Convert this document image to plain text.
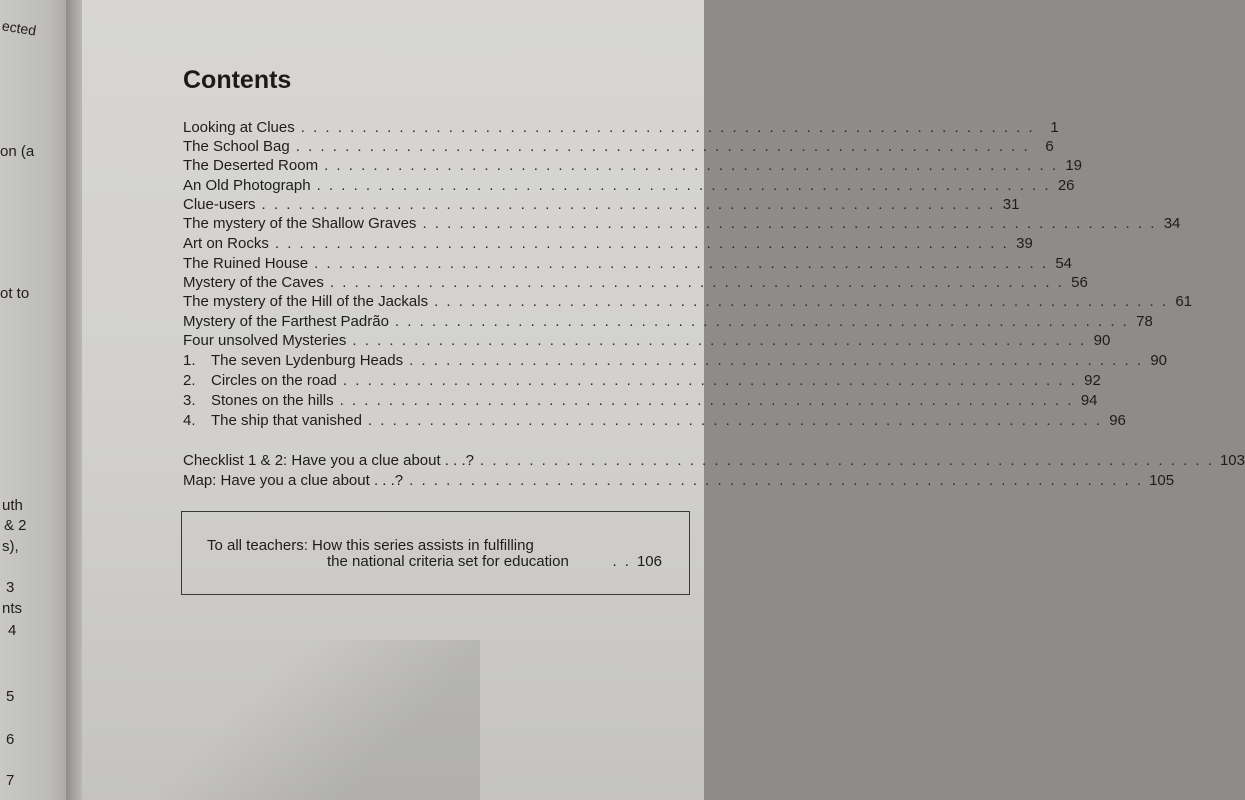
ected
on (a
ot to
uth
& 2
s),
3
nts
4
5
6
7
Contents
Looking at Clues . . . . . . . . . . . . . . . . . . . . . . . . . . . . . . . . . . . . . . . . . . . . . . . . . . . . . . . . . . . .	1
The School Bag . . . . . . . . . . . . . . . . . . . . . . . . . . . . . . . . . . . . . . . . . . . . . . . . . . . . . . . . . . . .	6
The Deserted Room . . . . . . . . . . . . . . . . . . . . . . . . . . . . . . . . . . . . . . . . . . . . . . . . . . . . . . . . . . . . 19
An Old Photograph . . . . . . . . . . . . . . . . . . . . . . . . . . . . . . . . . . . . . . . . . . . . . . . . . . . . . . . . . . . . 26
Clue-users . . . . . . . . . . . . . . . . . . . . . . . . . . . . . . . . . . . . . . . . . . . . . . . . . . . . . . . . . . . . 31
The mystery of the Shallow Graves . . . . . . . . . . . . . . . . . . . . . . . . . . . . . . . . . . . . . . . . . . . . . . . . . . . . . . . . . . . . 34
Art on Rocks . . . . . . . . . . . . . . . . . . . . . . . . . . . . . . . . . . . . . . . . . . . . . . . . . . . . . . . . . . . . 39
The Ruined House . . . . . . . . . . . . . . . . . . . . . . . . . . . . . . . . . . . . . . . . . . . . . . . . . . . . . . . . . . . . 54
Mystery of the Caves . . . . . . . . . . . . . . . . . . . . . . . . . . . . . . . . . . . . . . . . . . . . . . . . . . . . . . . . . . . . 56
The mystery of the Hill of the Jackals . . . . . . . . . . . . . . . . . . . . . . . . . . . . . . . . . . . . . . . . . . . . . . . . . . . . . . . . . . . . 61
Mystery of the Farthest Padrão . . . . . . . . . . . . . . . . . . . . . . . . . . . . . . . . . . . . . . . . . . . . . . . . . . . . . . . . . . . . 78
Four unsolved Mysteries . . . . . . . . . . . . . . . . . . . . . . . . . . . . . . . . . . . . . . . . . . . . . . . . . . . . . . . . . . . . 90
1. The seven Lydenburg Heads . . . . . . . . . . . . . . . . . . . . . . . . . . . . . . . . . . . . . . . . . . . . . . . . . . . . . . . . . . . . 90
2. Circles on the road . . . . . . . . . . . . . . . . . . . . . . . . . . . . . . . . . . . . . . . . . . . . . . . . . . . . . . . . . . . . 92
3. Stones on the hills . . . . . . . . . . . . . . . . . . . . . . . . . . . . . . . . . . . . . . . . . . . . . . . . . . . . . . . . . . . . 94
4. The ship that vanished . . . . . . . . . . . . . . . . . . . . . . . . . . . . . . . . . . . . . . . . . . . . . . . . . . . . . . . . . . . . 96
Checklist 1 & 2: Have you a clue about . . .? . . . . . . . . . . . . . . . . . . . . . . . . . . . . . . . . . . . . . . . . . . . . . . . . . . . . . . . . . . . . 103
Map: Have you a clue about . . .? . . . . . . . . . . . . . . . . . . . . . . . . . . . . . . . . . . . . . . . . . . . . . . . . . . . . . . . . . . . . 105
To all teachers: How this series assists in fulfilling
the national criteria set for education	. . 106
